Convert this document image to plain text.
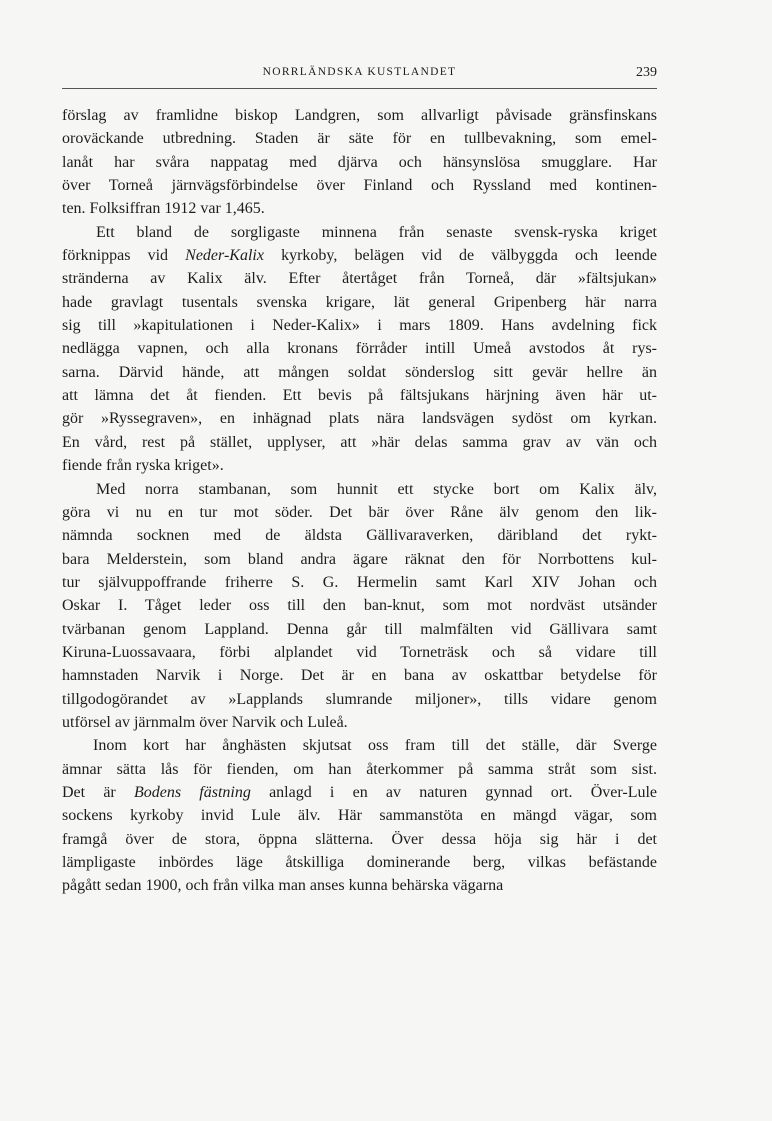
NORRLÄNDSKA KUSTLANDET	239
förslag av framlidne biskop Landgren, som allvarligt påvisade gränsfinskans
oroväckande utbredning. Staden är säte för en tullbevakning, som emel-
lanåt har svåra nappatag med djärva och hänsynslösa smugglare. Har
över Torneå järnvägsförbindelse över Finland och Ryssland med kontinen-
ten. Folksiffran 1912 var 1,465.
Ett bland de sorgligaste minnena från senaste svensk-ryska kriget
förknippas vid Neder-Kalix kyrkoby, belägen vid de välbyggda och leende
stränderna av Kalix älv. Efter återtåget från Torneå, där »fältsjukan»
hade gravlagt tusentals svenska krigare, lät general Gripenberg här narra
sig till »kapitulationen i Neder-Kalix» i mars 1809. Hans avdelning fick
nedlägga vapnen, och alla kronans förråder intill Umeå avstodos åt rys-
sarna. Därvid hände, att mången soldat sönderslog sitt gevär hellre än
att lämna det åt fienden. Ett bevis på fältsjukans härjning även här ut-
gör »Ryssegraven», en inhägnad plats nära landsvägen sydöst om kyrkan.
En vård, rest på stället, upplyser, att »här delas samma grav av vän och
fiende från ryska kriget».
Med norra stambanan, som hunnit ett stycke bort om Kalix älv,
göra vi nu en tur mot söder. Det bär över Råne älv genom den lik-
nämnda socknen med de äldsta Gällivaraverken, däribland det rykt-
bara Melderstein, som bland andra ägare räknat den för Norrbottens kul-
tur självuppoffrande friherre S. G. Hermelin samt Karl XIV Johan och
Oskar I. Tåget leder oss till den ban-knut, som mot nordväst utsänder
tvärbanan genom Lappland. Denna går till malmfälten vid Gällivara samt
Kiruna-Luossavaara, förbi alplandet vid Torneträsk och så vidare till
hamnstaden Narvik i Norge. Det är en bana av oskattbar betydelse för
tillgodogörandet av »Lapplands slumrande miljoner», tills vidare genom
utförsel av järnmalm över Narvik och Luleå.
Inom kort har ånghästen skjutsat oss fram till det ställe, där Sverge
ämnar sätta lås för fienden, om han återkommer på samma stråt som sist.
Det är Bodens fästning anlagd i en av naturen gynnad ort. Över-Lule
sockens kyrkoby invid Lule älv. Här sammanstöta en mängd vägar, som
framgå över de stora, öppna slätterna. Över dessa höja sig här i det
lämpligaste inbördes läge åtskilliga dominerande berg, vilkas befästande
pågått sedan 1900, och från vilka man anses kunna behärska vägarna
